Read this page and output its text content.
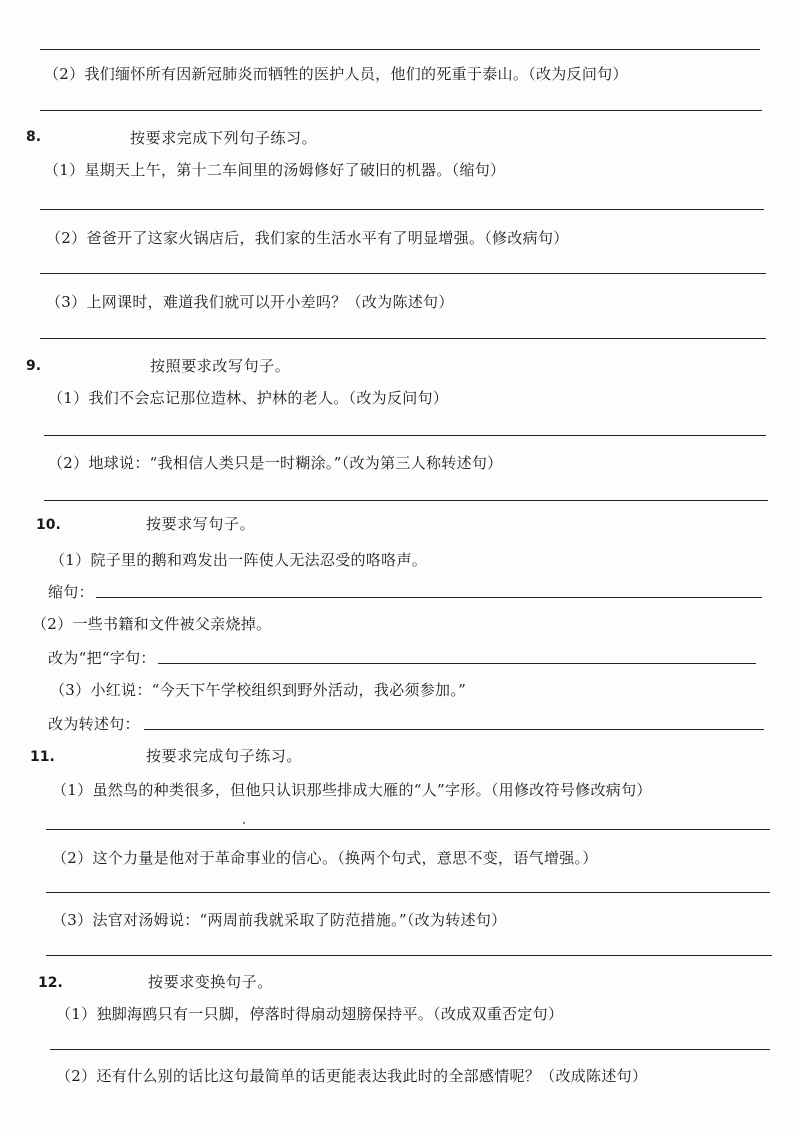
（2）我们缅怀所有因新冠肺炎而牺牲的医护人员，他们的死重于泰山。（改为反问句）
8.	按要求完成下列句子练习。
（1）星期天上午，第十二车间里的汤姆修好了破旧的机器。（缩句）
（2）爸爸开了这家火锅店后，我们家的生活水平有了明显增强。（修改病句）
（3）上网课时，难道我们就可以开小差吗？（改为陈述句）
9.	按照要求改写句子。
（1）我们不会忘记那位造林、护林的老人。（改为反问句）
（2）地球说：“我相信人类只是一时糊涂。”（改为第三人称转述句）
10.	按要求写句子。
（1）院子里的鹅和鸡发出一阵使人无法忍受的咯咯声。
缩句：
（2）一些书籍和文件被父亲烧掉。
改为“把“字句：
（3）小红说：“今天下午学校组织到野外活动，我必须参加。”
改为转述句：
11.	按要求完成句子练习。
（1）虽然鸟的种类很多，但他只认识那些排成大雁的“人”字形。（用修改符号修改病句）
（2）这个力量是他对于革命事业的信心。（换两个句式，意思不变，语气增强。）
（3）法官对汤姆说：“两周前我就采取了防范措施。”（改为转述句）
12.	按要求变换句子。
（1）独脚海鸥只有一只脚，停落时得扇动翅膀保持平。（改成双重否定句）
（2）还有什么别的话比这句最简单的话更能表达我此时的全部感情呢？（改成陈述句）
